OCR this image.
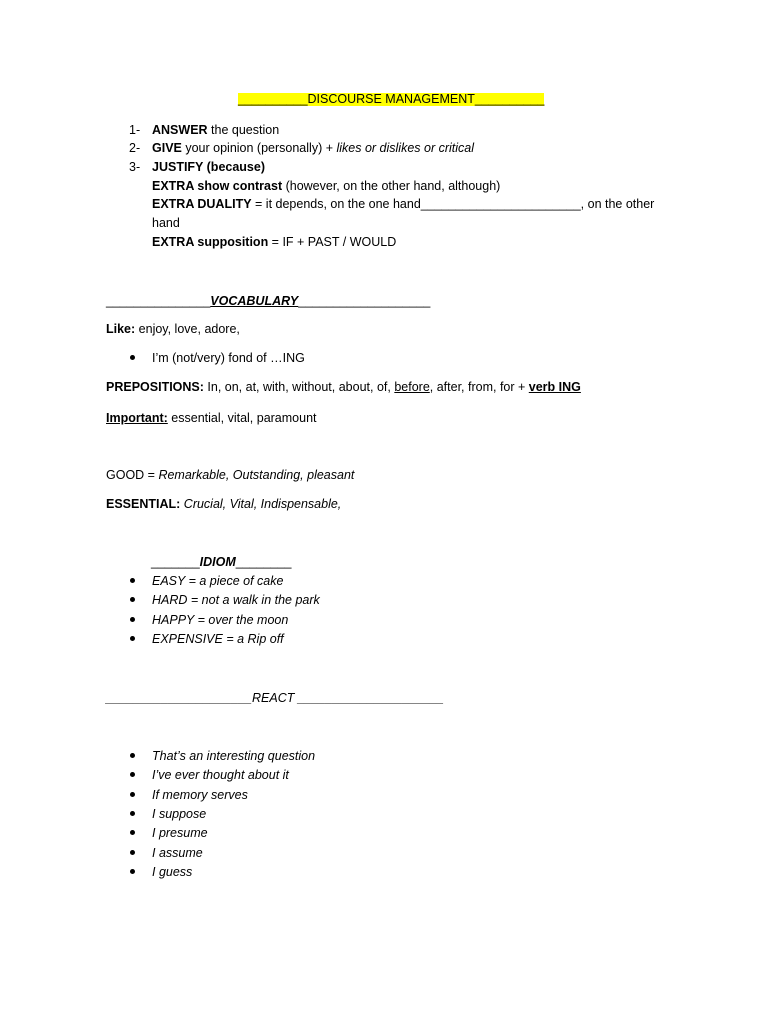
__________DISCOURSE MANAGEMENT__________
1- ANSWER the question
2- GIVE your opinion (personally) + likes or dislikes or critical
3- JUSTIFY (because)
EXTRA show contrast (however, on the other hand, although)
EXTRA DUALITY = it depends, on the one hand_______________________, on the other
hand
EXTRA supposition = IF + PAST / WOULD
_______________VOCABULARY___________________
Like: enjoy, love, adore,
I’m (not/very) fond of …ING
PREPOSITIONS: In, on, at, with, without, about, of, before, after, from, for + verb ING
Important: essential, vital, paramount
GOOD = Remarkable, Outstanding, pleasant
ESSENTIAL: Crucial, Vital, Indispensable,
_______IDIOM________
EASY = a piece of cake
HARD = not a walk in the park
HAPPY = over the moon
EXPENSIVE = a Rip off
_____________________REACT _____________________
That’s an interesting question
I’ve ever thought about it
If memory serves
I suppose
I presume
I assume
I guess
